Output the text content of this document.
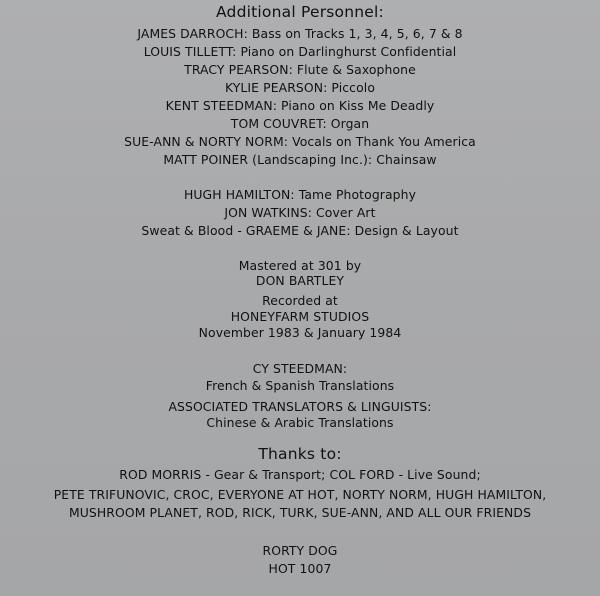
Additional Personnel:
JAMES DARROCH: Bass on Tracks 1, 3, 4, 5, 6, 7 & 8
LOUIS TILLETT: Piano on Darlinghurst Confidential
TRACY PEARSON: Flute & Saxophone
KYLIE PEARSON: Piccolo
KENT STEEDMAN: Piano on Kiss Me Deadly
TOM COUVRET: Organ
SUE-ANN & NORTY NORM: Vocals on Thank You America
MATT POINER (Landscaping Inc.): Chainsaw
HUGH HAMILTON: Tame Photography
JON WATKINS: Cover Art
Sweat & Blood - GRAEME & JANE: Design & Layout
Mastered at 301 by
DON BARTLEY
Recorded at
HONEYFARM STUDIOS
November 1983 & January 1984
CY STEEDMAN:
French & Spanish Translations
ASSOCIATED TRANSLATORS & LINGUISTS:
Chinese & Arabic Translations
Thanks to:
ROD MORRIS - Gear & Transport; COL FORD - Live Sound;
PETE TRIFUNOVIC, CROC, EVERYONE AT HOT, NORTY NORM, HUGH HAMILTON,
MUSHROOM PLANET, ROD, RICK, TURK, SUE-ANN, AND ALL OUR FRIENDS
RORTY DOG
HOT 1007
